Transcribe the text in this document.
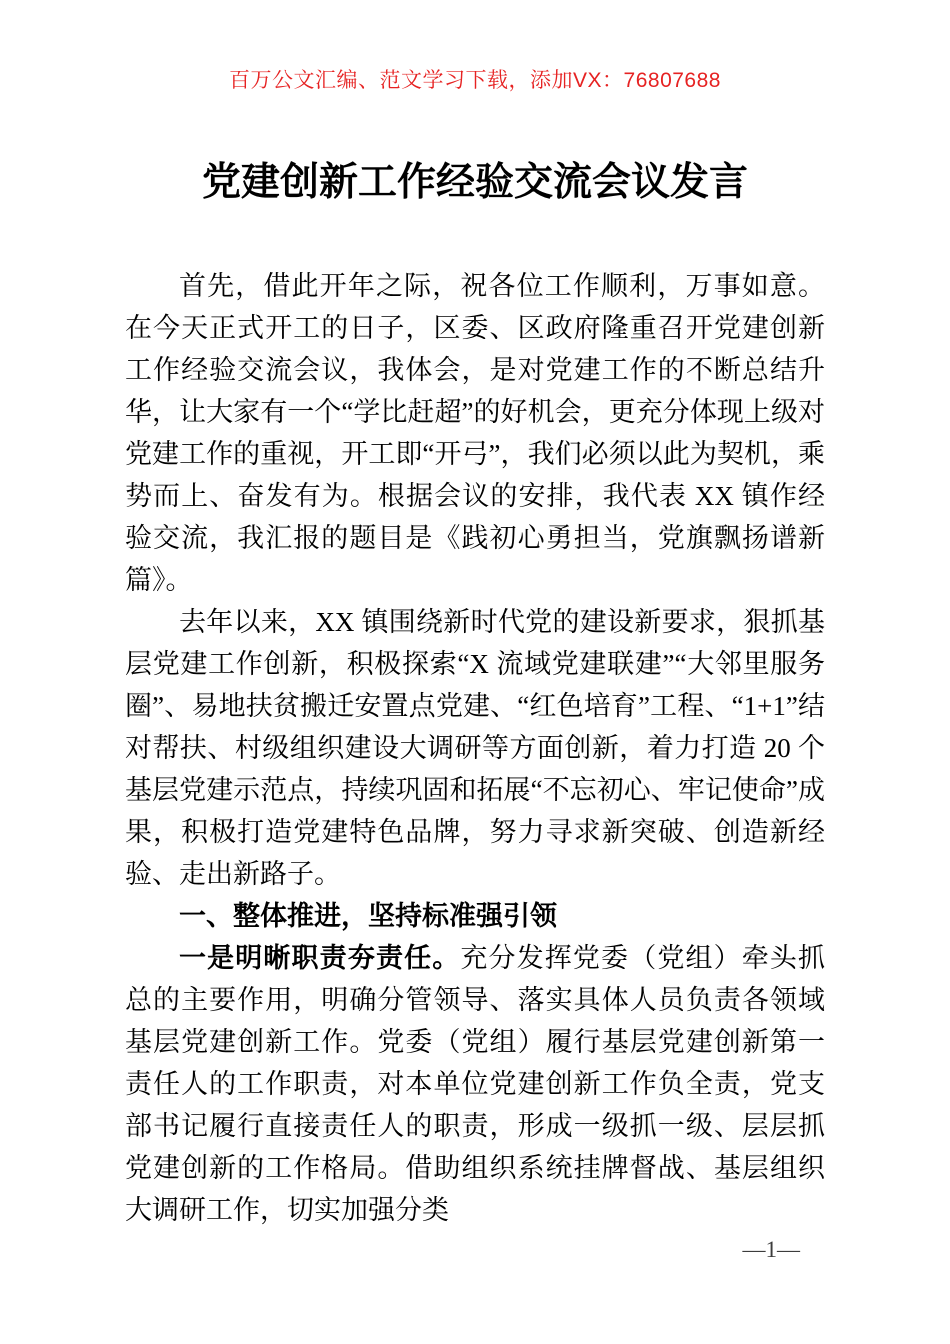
百万公文汇编、范文学习下载，添加VX：76807688
党建创新工作经验交流会议发言

首先，借此开年之际，祝各位工作顺利，万事如意。在今天正式开工的日子，区委、区政府隆重召开党建创新工作经验交流会议，我体会，是对党建工作的不断总结升华，让大家有一个“学比赶超”的好机会，更充分体现上级对党建工作的重视，开工即“开弓”，我们必须以此为契机，乘势而上、奋发有为。根据会议的安排，我代表 XX 镇作经验交流，我汇报的题目是《践初心勇担当，党旗飘扬谱新篇》。

去年以来，XX 镇围绕新时代党的建设新要求，狠抓基层党建工作创新，积极探索“X 流域党建联建”“大邻里服务圈”、易地扶贫搬迁安置点党建、“红色培育”工程、“1+1”结对帮扶、村级组织建设大调研等方面创新，着力打造 20 个基层党建示范点，持续巩固和拓展“不忘初心、牢记使命”成果，积极打造党建特色品牌，努力寻求新突破、创造新经验、走出新路子。

一、整体推进，坚持标准强引领

一是明晰职责夯责任。充分发挥党委（党组）牵头抓总的主要作用，明确分管领导、落实具体人员负责各领域基层党建创新工作。党委（党组）履行基层党建创新第一责任人的工作职责，对本单位党建创新工作负全责，党支部书记履行直接责任人的职责，形成一级抓一级、层层抓党建创新的工作格局。借助组织系统挂牌督战、基层组织大调研工作，切实加强分类

—1—
